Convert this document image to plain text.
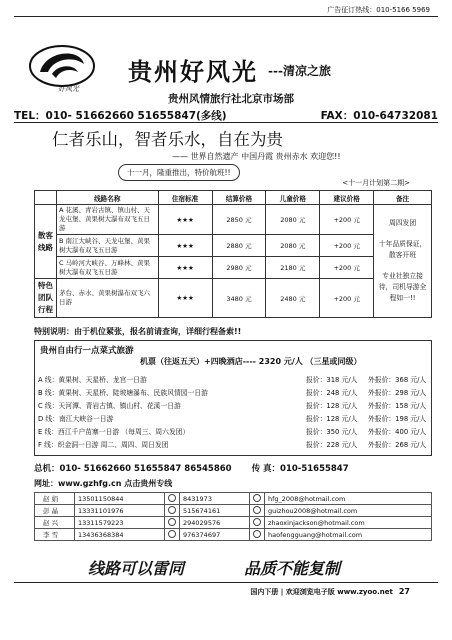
广告征订热线：010-5166 5969
好风光
贵州好风光 ---清凉之旅
贵州风情旅行社北京市场部
TEL：010- 51662660 51655847(多线)	FAX：010-64732081
仁者乐山，智者乐水，自在为贵
—— 世界自然遗产 中国丹霞 贵州赤水 欢迎您!!
十一月，隆重推出，特价航班!!
<十一月计划第二期>
	线路名称	住宿标准	结算价格	儿童价格	建议价格	备注
散客线路	A 花溪、青岩古镇、镇山村、天龙屯堡、黄果树大瀑布双飞五日游	★★★	2850 元	2080 元	+200 元	周四发团
十年品质保证，散客开班
专业社独立接待，司机导游全程如一!!

	B 南江大峡谷、天龙屯堡、黄果树大瀑布双飞五日游	★★★	2880 元	2080 元	+200 元	
	C 马岭河大峡谷、万峰林、黄果树大瀑布双飞五日游	★★★	2980 元	2180 元	+200 元	
特色团队行程	茅台、赤水、黄果树瀑布双飞六日游	★★★	3480 元	2480 元	+200 元	
特别说明：由于机位紧张，报名前请查询，详细行程备索!!
贵州自由行一点菜式旅游
机票（往返五天）+四晚酒店---- 2320 元/人 （三星或同级）
A 线：黄果树、天星桥、龙宫一日游	报价：318 元/人	外报价：368 元/人
B 线：黄果树、天星桥、陡坡塘瀑布、民族风情园一日游	报价：248 元/人	外报价：298 元/人
C 线：天河潭、青岩古镇、镇山村、花溪一日游	报价：128 元/人	外报价：158 元/人
D 线：南江大峡谷一日游	报价：128 元/人	外报价：198 元/人
E 线：西江千户苗寨一日游 （每周三、周六发团）	报价：350 元/人	外报价：400 元/人
F 线：织金洞一日游 周二、周四、周日发团	报价：228 元/人	外报价：268 元/人
总机：010- 51662660 51655847 86545860 传 真：010-51655847
网址：www.gzhfg.cn 点击贵州专线
赵 娟	13501150844		8431973		hfg_2008@hotmail.com
彭 晶	13331101976		515674161		guizhou2008@hotmail.com
赵 兴	13311579223		294029576		zhaoxinjackson@hotmail.com
李 雪	13436368384		976374697		haofengguang@hotmail.com
线路可以雷同	品质不能复制
国内下册 | 欢迎浏览电子版 www.zyoo.net 27
